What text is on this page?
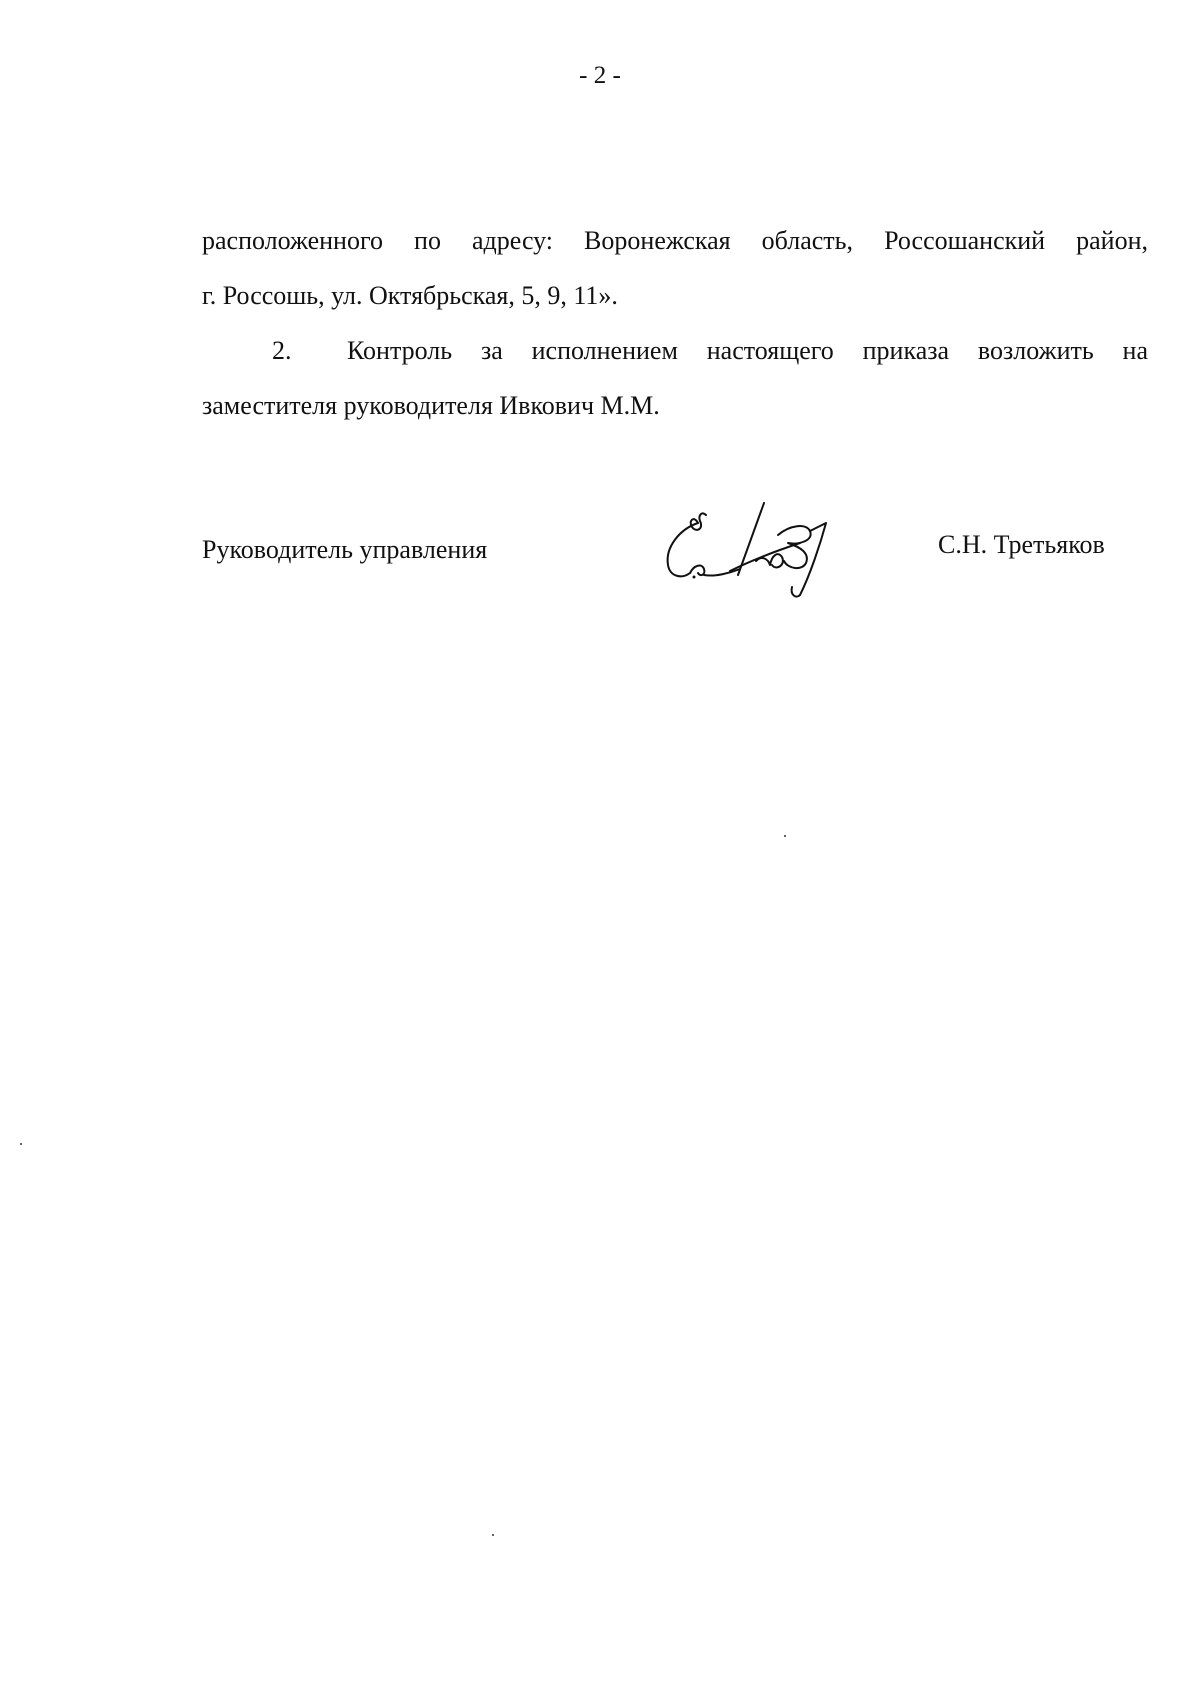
- 2 -
расположенного по адресу: Воронежская область, Россошанский район,
г. Россошь, ул. Октябрьская, 5, 9, 11».
2. Контроль за исполнением настоящего приказа возложить на
заместителя руководителя Ивкович М.М.
Руководитель управления	С.Н. Третьяков
